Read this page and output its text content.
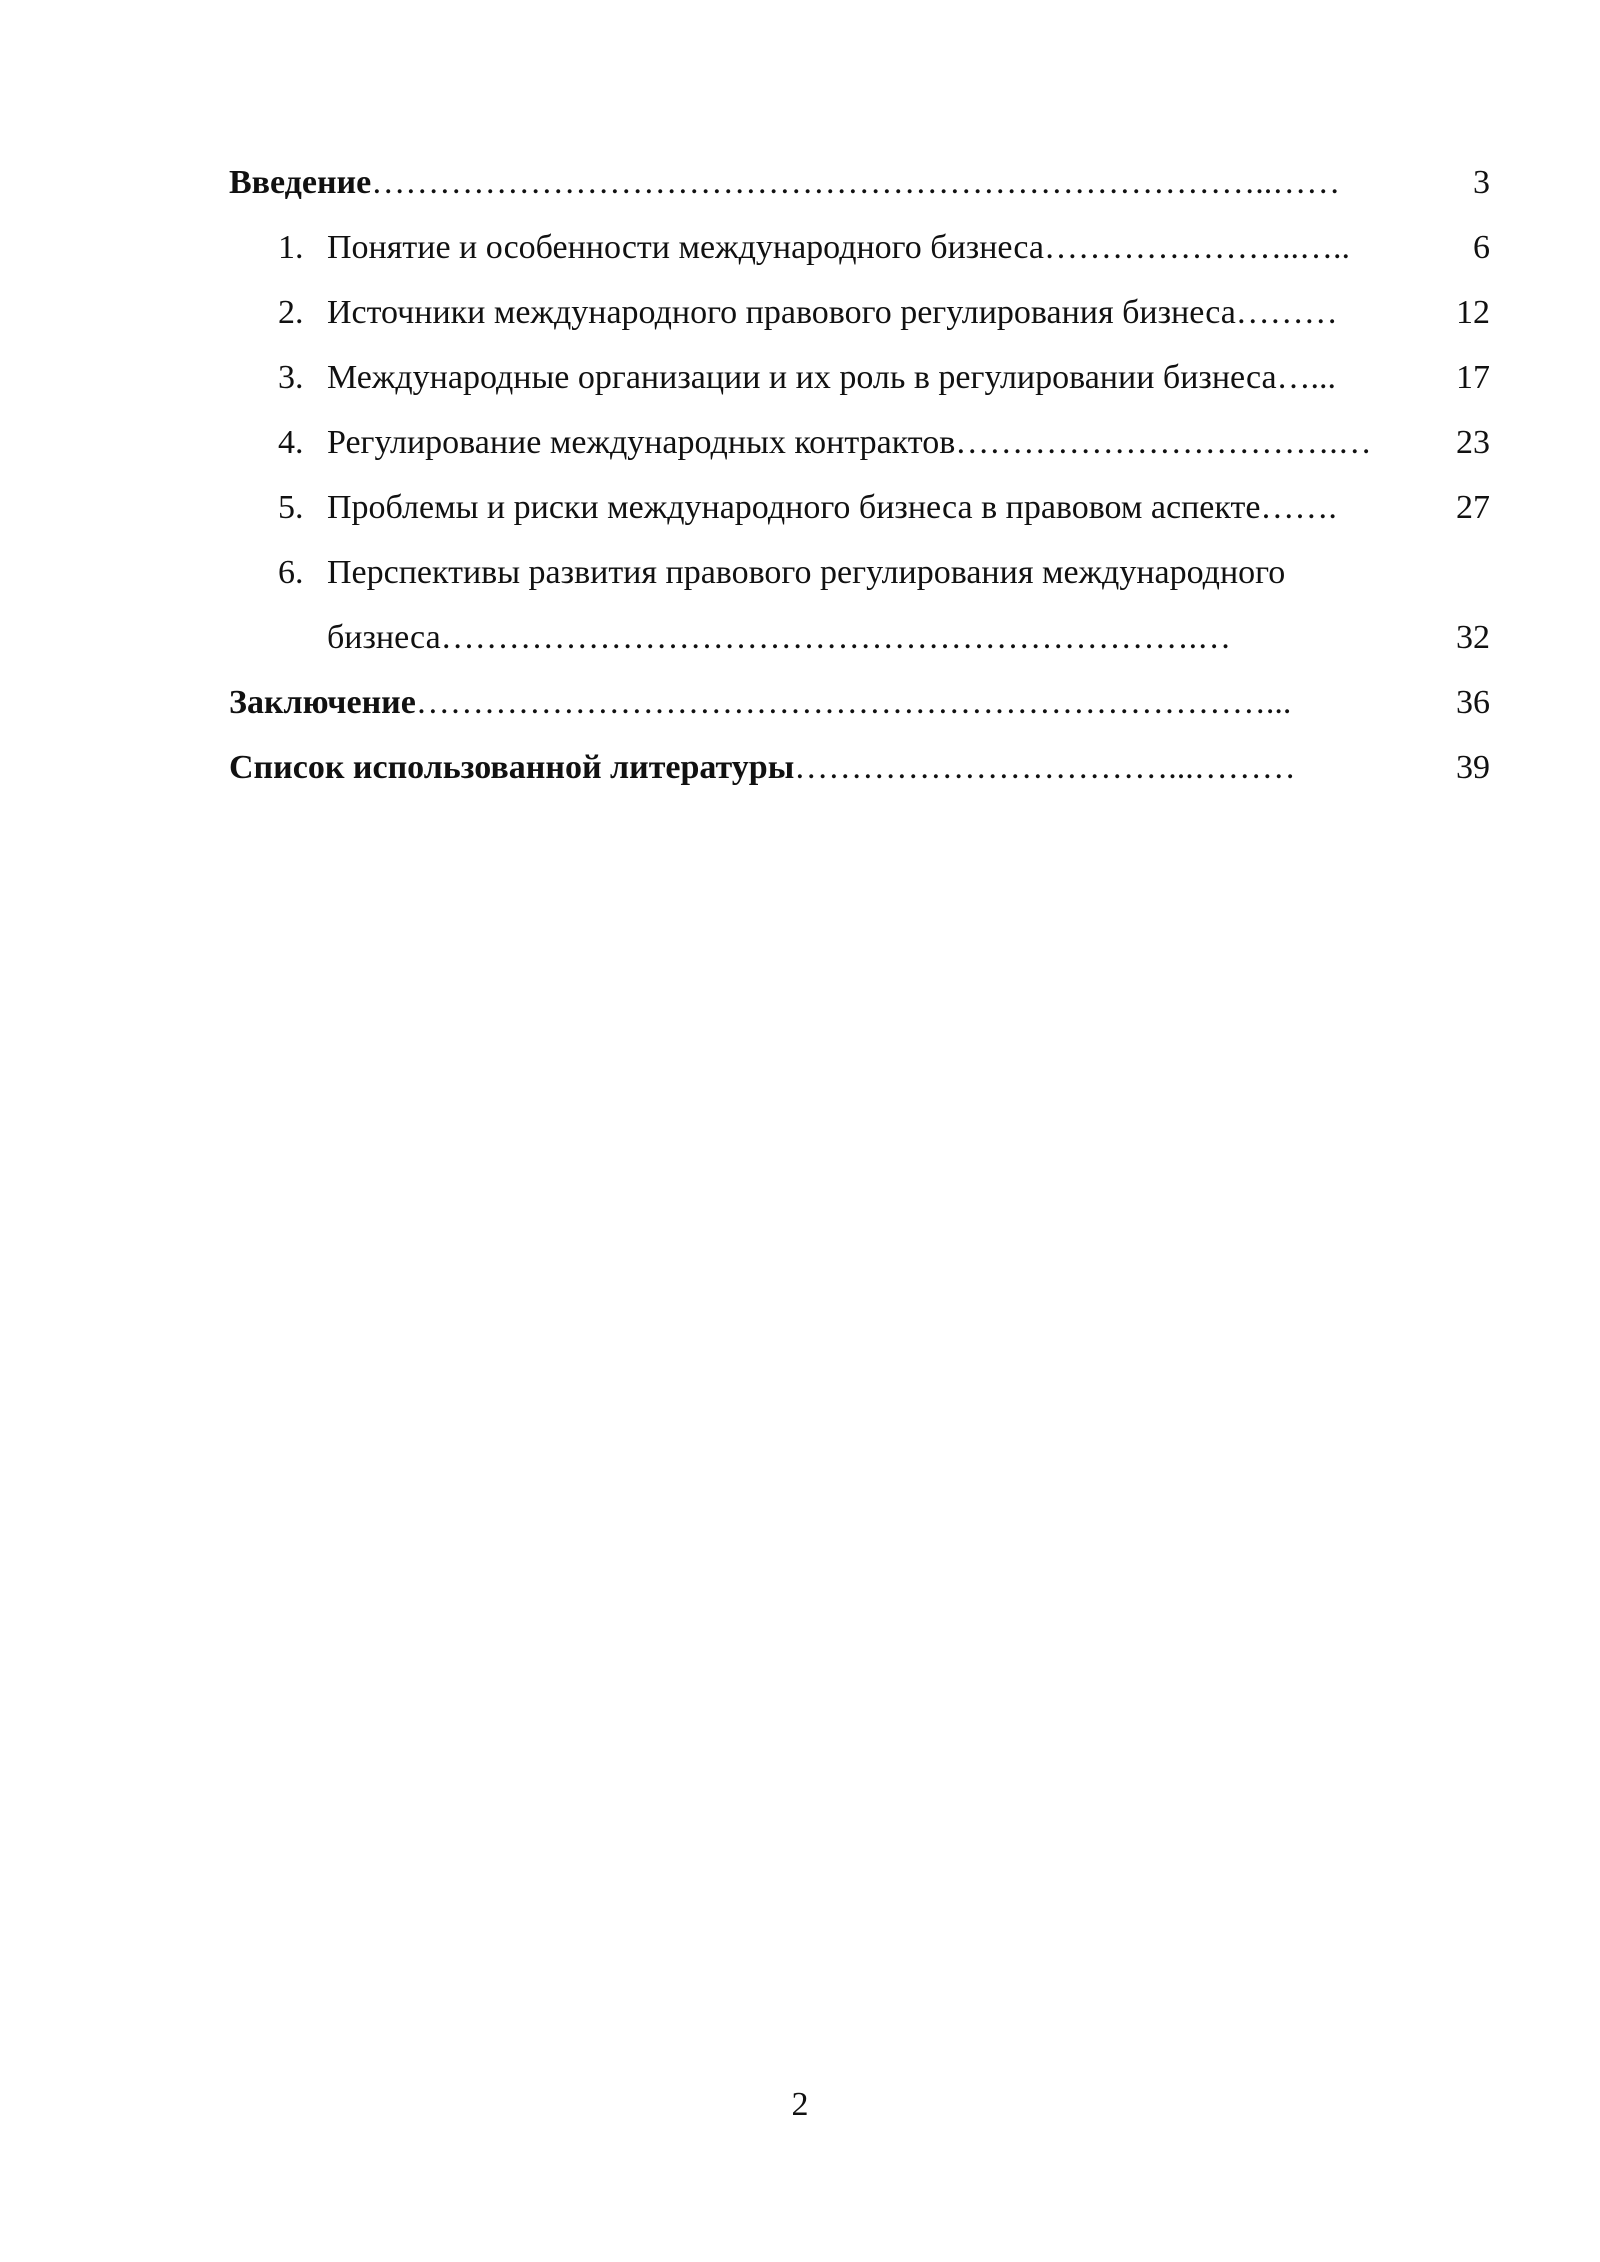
Введение ……………………………………………………………………..……	3
1. Понятие и особенности международного бизнеса …………………..…..	6
2. Источники международного правового регулирования бизнеса ………	12
3. Международные организации и их роль в регулировании бизнеса …...	17
4. Регулирование международных контрактов …………………………….…	23
5. Проблемы и риски международного бизнеса в правовом аспекте …….	27
6. Перспективы развития правового регулирования международного
бизнеса ………………………………………………………….…	32
Заключение …………………………………………………………………...	36
Список использованной литературы ……………………………...………	39
2
